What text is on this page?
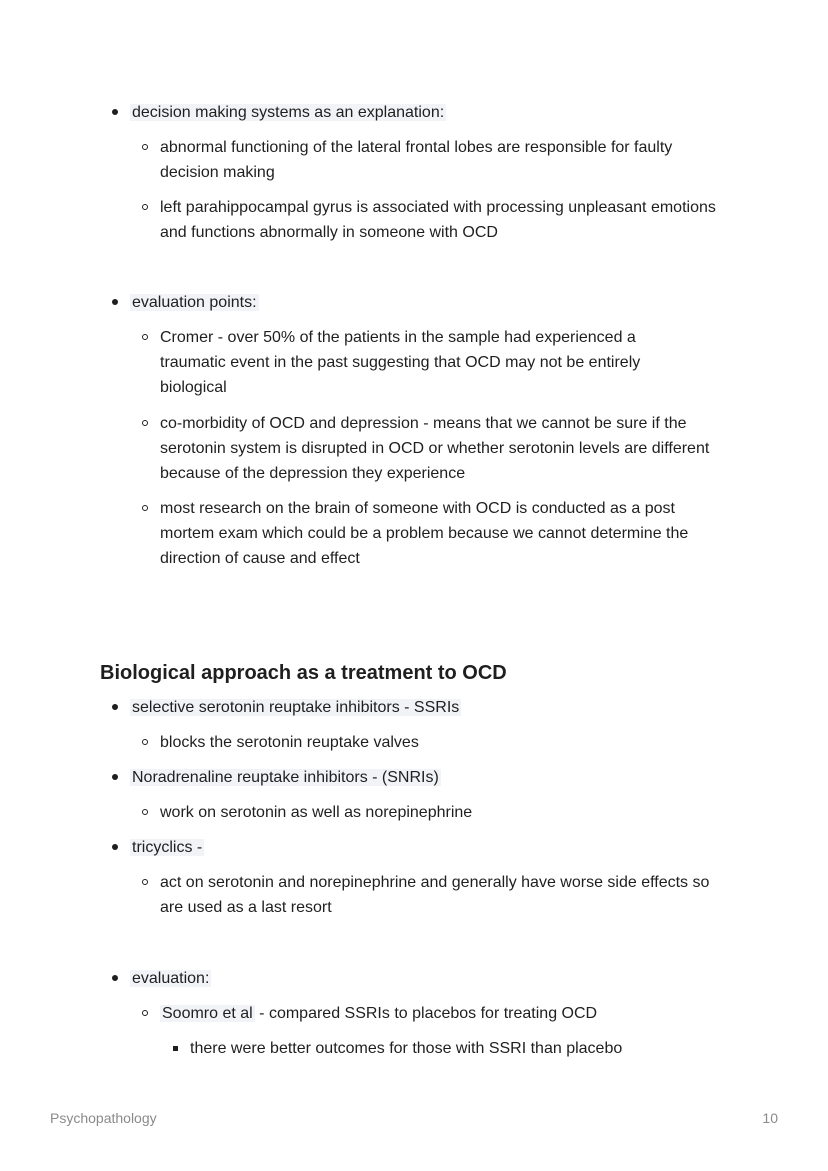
decision making systems as an explanation:
abnormal functioning of the lateral frontal lobes are responsible for faulty decision making
left parahippocampal gyrus is associated with processing unpleasant emotions and functions abnormally in someone with OCD
evaluation points:
Cromer - over 50% of the patients in the sample had experienced a traumatic event in the past suggesting that OCD may not be entirely biological
co-morbidity of OCD and depression - means that we cannot be sure if the serotonin system is disrupted in OCD or whether serotonin levels are different because of the depression they experience
most research on the brain of someone with OCD is conducted as a post mortem exam which could be a problem because we cannot determine the direction of cause and effect
Biological approach as a treatment to OCD
selective serotonin reuptake inhibitors - SSRIs
blocks the serotonin reuptake valves
Noradrenaline reuptake inhibitors - (SNRIs)
work on serotonin as well as norepinephrine
tricyclics -
act on serotonin and norepinephrine and generally have worse side effects so are used as a last resort
evaluation:
Soomro et al - compared SSRIs to placebos for treating OCD
there were better outcomes for those with SSRI than placebo
Psychopathology	10
